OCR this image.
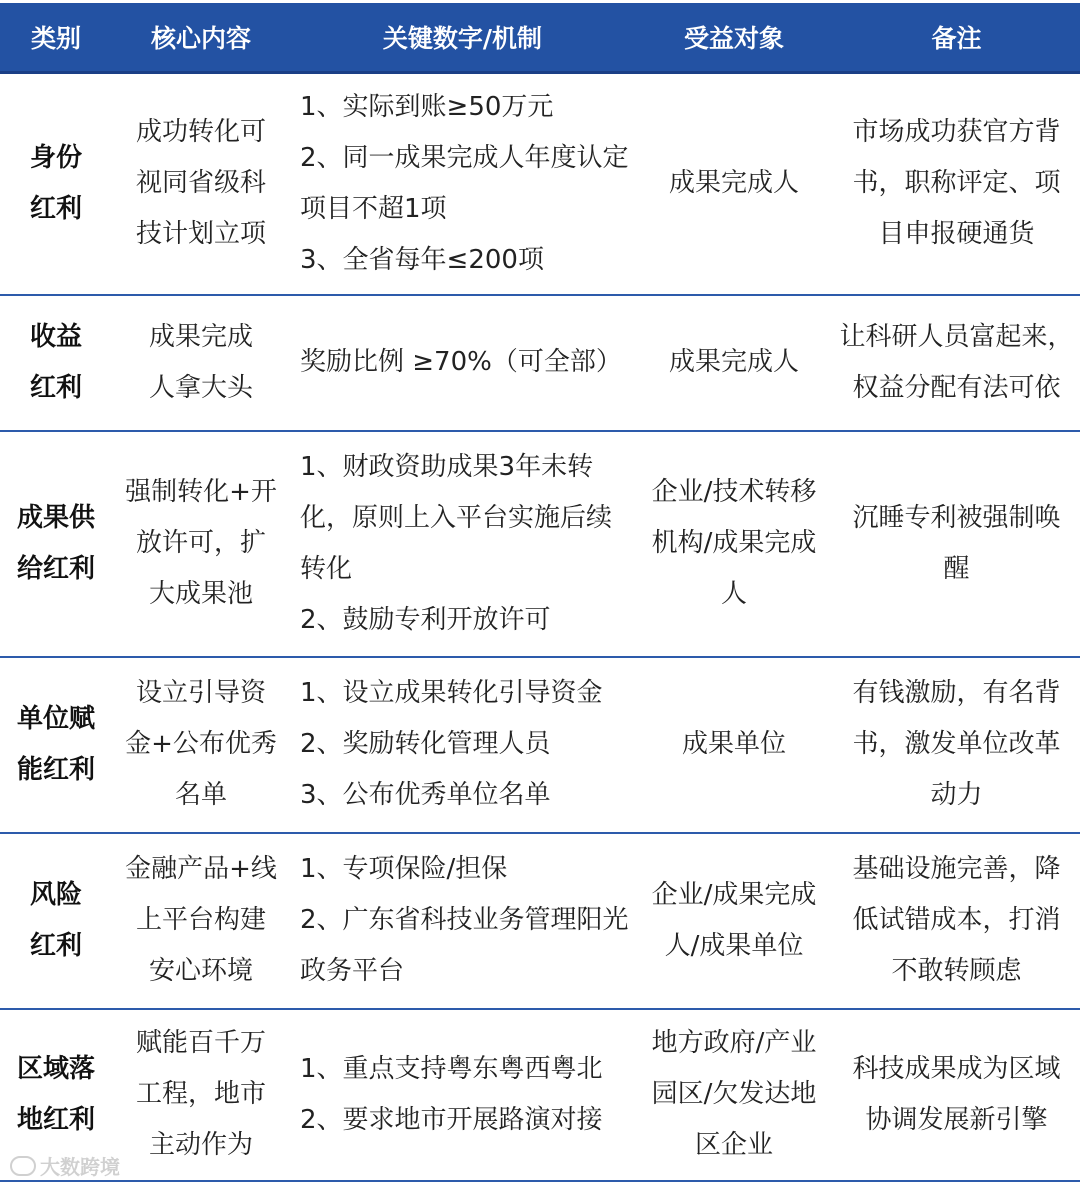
类别	核心内容	关键数字/机制	受益对象	备注
身份红利	成功转化可视同省级科技计划立项	1、实际到账≥50万元
2、同一成果完成人年度认定项目不超1项
3、全省每年≤200项	成果完成人	市场成功获官方背书，职称评定、项目申报硬通货
收益红利	成果完成人拿大头	奖励比例 ≥70%（可全部）	成果完成人	让科研人员富起来，权益分配有法可依
成果供给红利	强制转化+开放许可，扩大成果池	1、财政资助成果3年未转化，原则上入平台实施后续转化
2、鼓励专利开放许可	企业/技术转移机构/成果完成人	沉睡专利被强制唤醒
单位赋能红利	设立引导资金+公布优秀名单	1、设立成果转化引导资金
2、奖励转化管理人员
3、公布优秀单位名单	成果单位	有钱激励，有名背书，激发单位改革动力
风险红利	金融产品+线上平台构建安心环境	1、专项保险/担保
2、广东省科技业务管理阳光政务平台	企业/成果完成人/成果单位	基础设施完善，降低试错成本，打消不敢转顾虑
区域落地红利	赋能百千万工程，地市主动作为	1、重点支持粤东粤西粤北
2、要求地市开展路演对接	地方政府/产业园区/欠发达地区企业	科技成果成为区域协调发展新引擎
大数跨境
